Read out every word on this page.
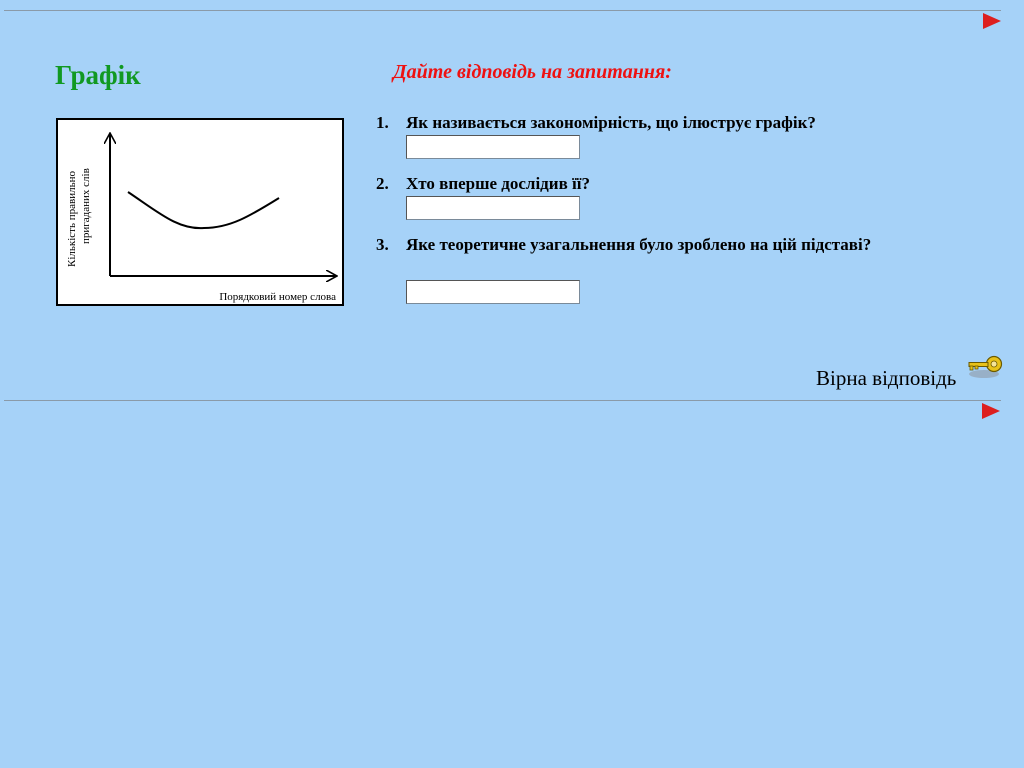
Графік
Кількість правильно пригаданих слів
Порядковий номер слова
Дайте відповідь на запитання:
1. Як називається закономірність, що ілюструє графік?
2. Хто вперше дослідив її?
3. Яке теоретичне узагальнення було зроблено на цій підставі?
Вірна відповідь
